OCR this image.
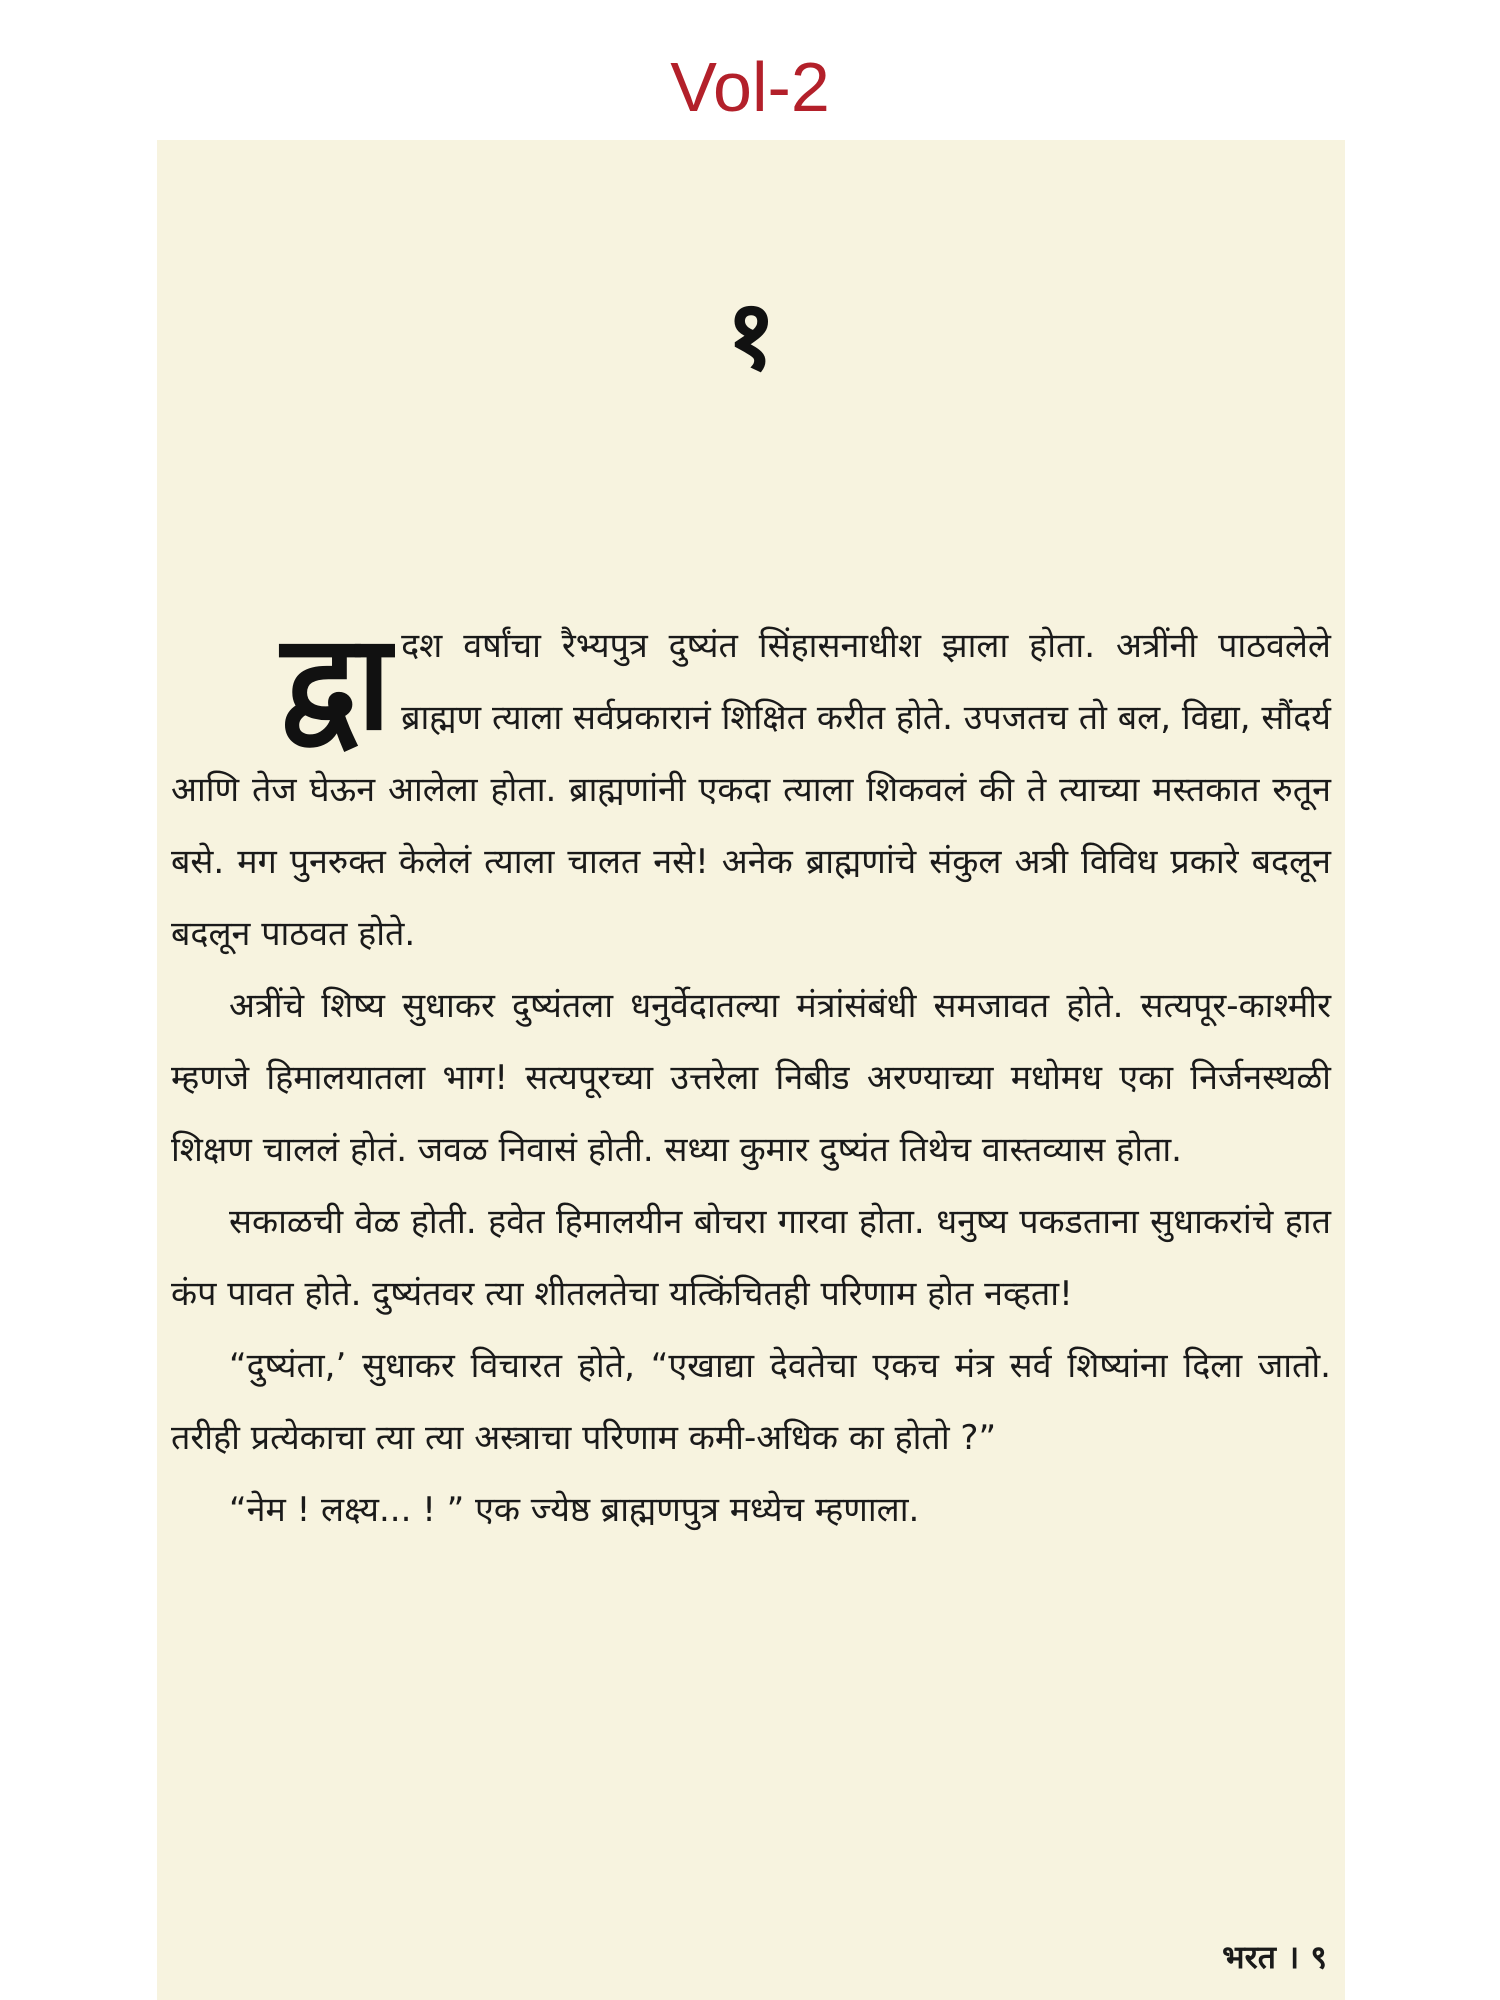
Vol-2
१

द्वा दश वर्षांचा रैभ्यपुत्र दुष्यंत सिंहासनाधीश झाला होता. अत्रींनी पाठवलेले ब्राह्मण त्याला सर्वप्रकारानं शिक्षित करीत होते. उपजतच तो बल, विद्या, सौंदर्य आणि तेज घेऊन आलेला होता. ब्राह्मणांनी एकदा त्याला शिकवलं की ते त्याच्या मस्तकात रुतून बसे. मग पुनरुक्त केलेलं त्याला चालत नसे! अनेक ब्राह्मणांचे संकुल अत्री विविध प्रकारे बदलून बदलून पाठवत होते.

अत्रींचे शिष्य सुधाकर दुष्यंतला धनुर्वेदातल्या मंत्रांसंबंधी समजावत होते. सत्यपूर-काश्मीर म्हणजे हिमालयातला भाग! सत्यपूरच्या उत्तरेला निबीड अरण्याच्या मधोमध एका निर्जनस्थळी शिक्षण चाललं होतं. जवळ निवासं होती. सध्या कुमार दुष्यंत तिथेच वास्तव्यास होता.

सकाळची वेळ होती. हवेत हिमालयीन बोचरा गारवा होता. धनुष्य पकडताना सुधाकरांचे हात कंप पावत होते. दुष्यंतवर त्या शीतलतेचा यत्किंचितही परिणाम होत नव्हता!

“दुष्यंता,’ सुधाकर विचारत होते, “एखाद्या देवतेचा एकच मंत्र सर्व शिष्यांना दिला जातो. तरीही प्रत्येकाचा त्या त्या अस्त्राचा परिणाम कमी-अधिक का होतो ?”

“नेम ! लक्ष्य... ! ” एक ज्येष्ठ ब्राह्मणपुत्र मध्येच म्हणाला.

भरत । ९
